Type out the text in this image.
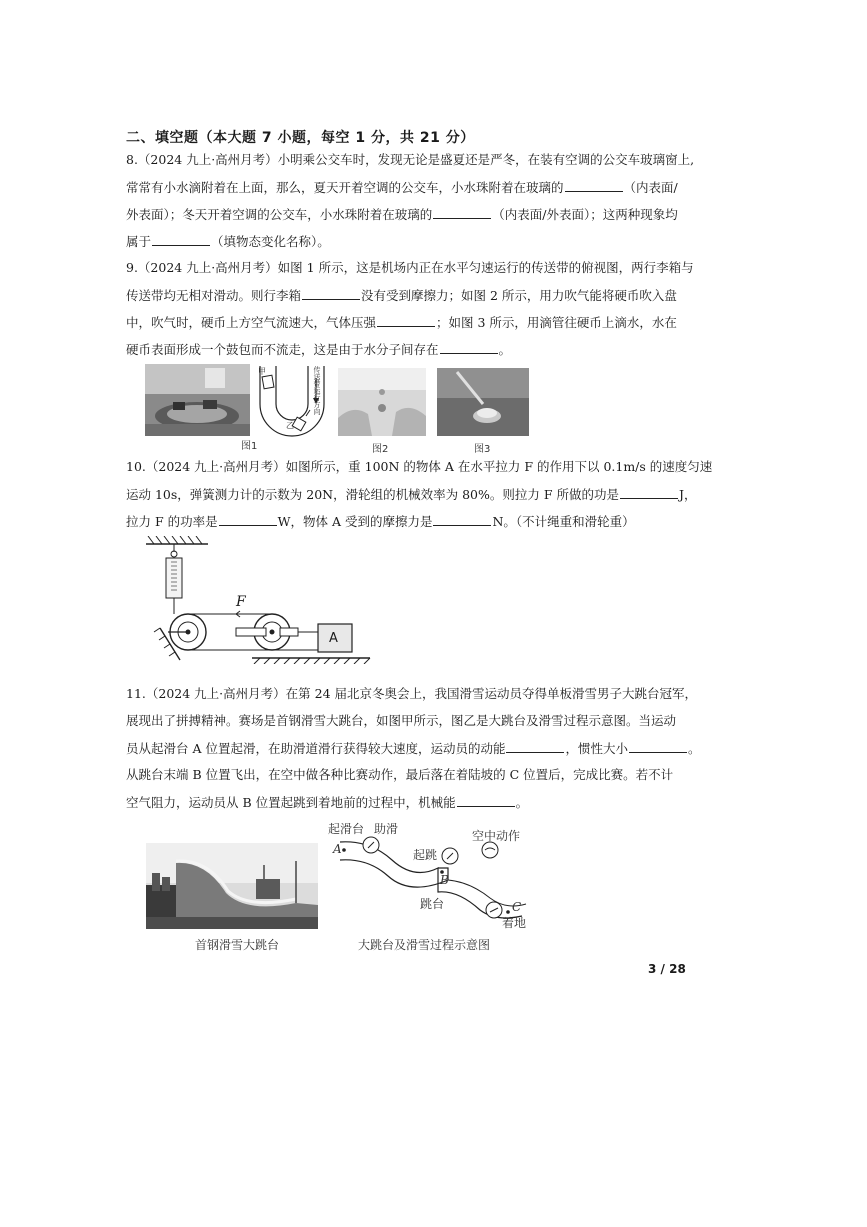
二、填空题（本大题 7 小题，每空 1 分，共 21 分）
8.（2024 九上·高州月考）小明乘公交车时，发现无论是盛夏还是严冬，在装有空调的公交车玻璃窗上,
常常有小水滴附着在上面，那么，夏天开着空调的公交车，小水珠附着在玻璃的	（内表面/
外表面）；冬天开着空调的公交车，小水珠附着在玻璃的	（内表面/外表面）；这两种现象均
属于	（填物态变化名称）。
9.（2024 九上·高州月考）如图 1 所示，这是机场内正在水平匀速运行的传送带的俯视图，两行李箱与
传送带均无相对滑动。则行李箱	没有受到摩擦力；如图 2 所示，用力吹气能将硬币吹入盘
中，吹气时，硬币上方空气流速大，气体压强	；如图 3 所示，用滴管往硬币上滴水，水在
硬币表面形成一个鼓包而不流走，这是由于水分子间存在	。
图1
甲
乙
传送带运行方向
图2	图3
10.（2024 九上·高州月考）如图所示，重 100N 的物体 A 在水平拉力 F 的作用下以 0.1m/s 的速度匀速
运动 10s，弹簧测力计的示数为 20N，滑轮组的机械效率为 80%。则拉力 F 所做的功是	J，
拉力 F 的功率是	W，物体 A 受到的摩擦力是	N。（不计绳重和滑轮重）
F
A
11.（2024 九上·高州月考）在第 24 届北京冬奥会上，我国滑雪运动员夺得单板滑雪男子大跳台冠军，
展现出了拼搏精神。赛场是首钢滑雪大跳台，如图甲所示，图乙是大跳台及滑雪过程示意图。当运动
员从起滑台 A 位置起滑，在助滑道滑行获得较大速度，运动员的动能	，惯性大小	。
从跳台末端 B 位置飞出，在空中做各种比赛动作，最后落在着陆坡的 C 位置后，完成比赛。若不计
空气阻力，运动员从 B 位置起跳到着地前的过程中，机械能	。
首钢滑雪大跳台
起滑台 助滑	空中动作
起跳
跳台
着地
A
B
C
大跳台及滑雪过程示意图
3 / 28
